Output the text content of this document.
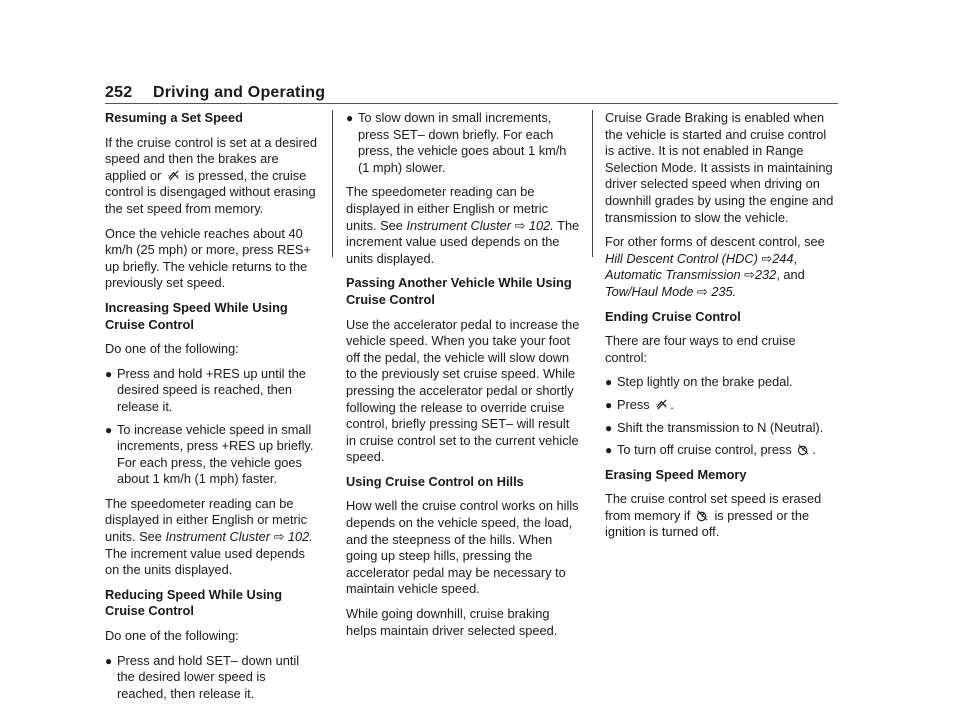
252 Driving and Operating
Resuming a Set Speed

If the cruise control is set at a desired speed and then the brakes are applied or is pressed, the cruise control is disengaged without erasing the set speed from memory.

Once the vehicle reaches about 40 km/h (25 mph) or more, press RES+ up briefly. The vehicle returns to the previously set speed.

Increasing Speed While Using Cruise Control

Do one of the following:

● Press and hold +RES up until the desired speed is reached, then release it.
● To increase vehicle speed in small increments, press +RES up briefly. For each press, the vehicle goes about 1 km/h (1 mph) faster.

The speedometer reading can be displayed in either English or metric units. See Instrument Cluster ⇨ 102. The increment value used depends on the units displayed.

Reducing Speed While Using Cruise Control

Do one of the following:

● Press and hold SET– down until the desired lower speed is reached, then release it.
● To slow down in small increments, press SET– down briefly. For each press, the vehicle goes about 1 km/h (1 mph) slower.

The speedometer reading can be displayed in either English or metric units. See Instrument Cluster ⇨ 102. The increment value used depends on the units displayed.

Passing Another Vehicle While Using Cruise Control

Use the accelerator pedal to increase the vehicle speed. When you take your foot off the pedal, the vehicle will slow down to the previously set cruise speed. While pressing the accelerator pedal or shortly following the release to override cruise control, briefly pressing SET– will result in cruise control set to the current vehicle speed.

Using Cruise Control on Hills

How well the cruise control works on hills depends on the vehicle speed, the load, and the steepness of the hills. When going up steep hills, pressing the accelerator pedal may be necessary to maintain vehicle speed.

While going downhill, cruise braking helps maintain driver selected speed.

Cruise Grade Braking is enabled when the vehicle is started and cruise control is active. It is not enabled in Range Selection Mode. It assists in maintaining driver selected speed when driving on downhill grades by using the engine and transmission to slow the vehicle.

For other forms of descent control, see Hill Descent Control (HDC) ⇨244, Automatic Transmission ⇨232, and Tow/Haul Mode ⇨ 235.

Ending Cruise Control

There are four ways to end cruise control:

● Step lightly on the brake pedal.
● Press .
● Shift the transmission to N (Neutral).
● To turn off cruise control, press .
Erasing Speed Memory

The cruise control set speed is erased from memory if is pressed or the ignition is turned off.
